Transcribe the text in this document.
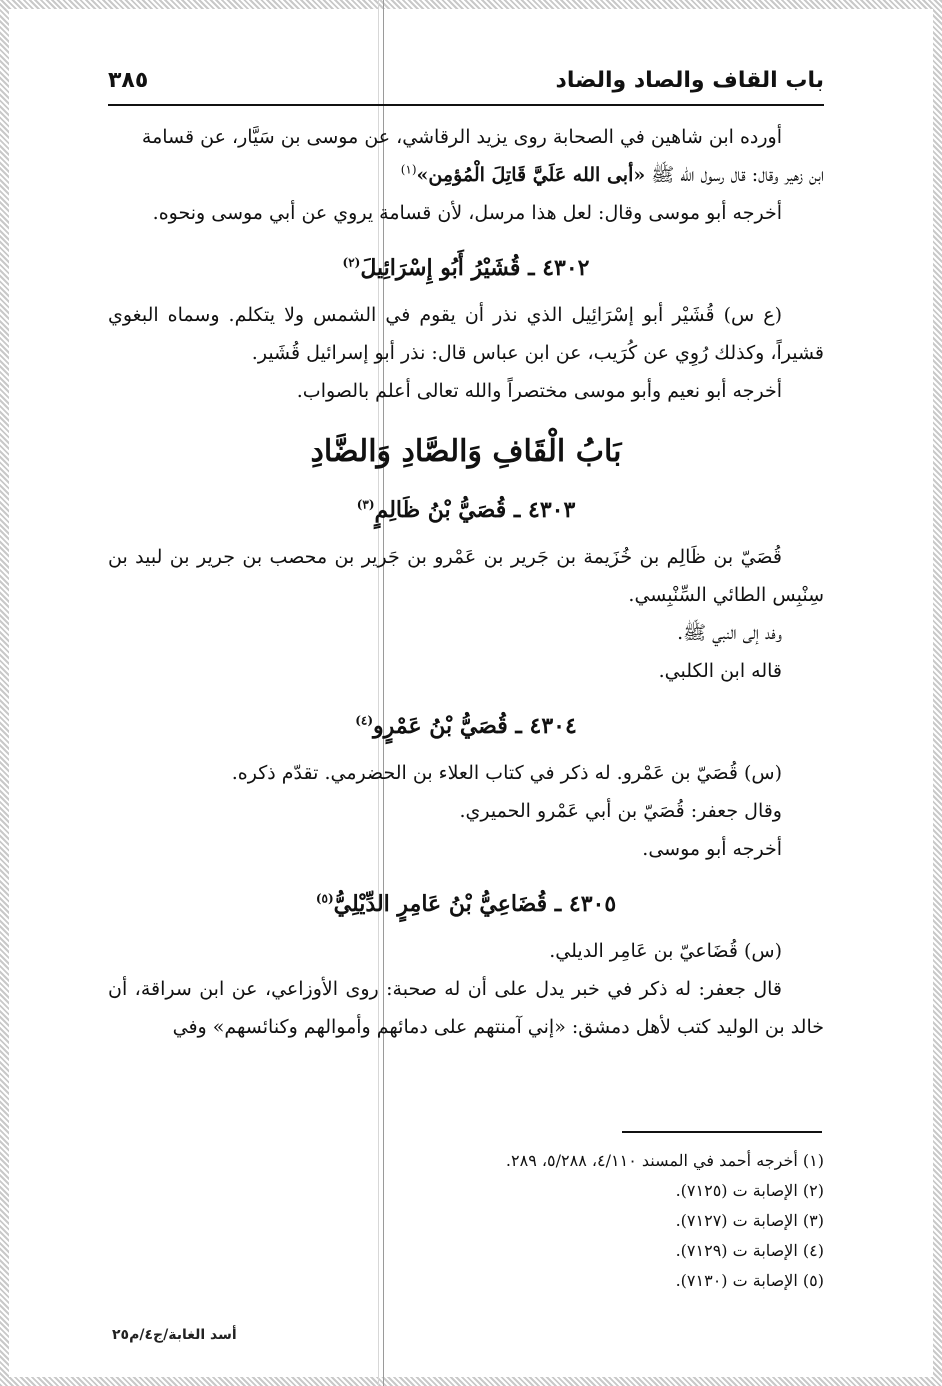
باب القاف والصاد والضاد
٣٨٥

أورده ابن شاهين في الصحابة روى يزيد الرقاشي، عن موسى بن سَيَّار، عن قسامة

ابن زهير وقال: قال رسول الله ﷺ «أبى الله عَلَيَّ قَاتِلَ الْمُؤمِن»$^{(١)}$

أخرجه أبو موسى وقال: لعل هذا مرسل، لأن قسامة يروي عن أبي موسى ونحوه.

٤٣٠٢ ـ قُشَيْرُ أَبُو إِسْرَائِيلَ$^{(٢)}$

(ع س) قُشَيْر أبو إسْرَائِيل الذي نذر أن يقوم في الشمس ولا يتكلم. وسماه البغوي قشيراً، وكذلك رُوِي عن كُرَيب، عن ابن عباس قال: نذر أبو إسرائيل قُشَير.

أخرجه أبو نعيم وأبو موسى مختصراً والله تعالى أعلم بالصواب.

بَابُ الْقَافِ وَالصَّادِ وَالضَّادِ
٤٣٠٣ ـ قُصَيُّ بْنُ ظَالِمٍ$^{(٣)}$

قُصَيّ بن ظَالِم بن خُزَيمة بن جَرير بن عَمْرو بن جَرير بن محصب بن جرير بن لبيد بن سِنْبِس الطائي السِّنْبِسي.

وفد إلى النبي ﷺ.

قاله ابن الكلبي.

٤٣٠٤ ـ قُصَيُّ بْنُ عَمْرٍو$^{(٤)}$

(س) قُصَيّ بن عَمْرو. له ذكر في كتاب العلاء بن الحضرمي. تقدّم ذكره.

وقال جعفر: قُصَيّ بن أبي عَمْرو الحميري.

أخرجه أبو موسى.

٤٣٠٥ ـ قُضَاعِيُّ بْنُ عَامِرٍ الدِّيْلِيُّ$^{(٥)}$

(س) قُضَاعيّ بن عَامِر الديلي.

قال جعفر: له ذكر في خبر يدل على أن له صحبة: روى الأوزاعي، عن ابن سراقة، أن خالد بن الوليد كتب لأهل دمشق: «إني آمنتهم على دمائهم وأموالهم وكنائسهم» وفي

(١) أخرجه أحمد في المسند ٤/١١٠، ٥/٢٨٨، ٢٨٩.

(٢) الإصابة ت (٧١٢٥).

(٣) الإصابة ت (٧١٢٧).

(٤) الإصابة ت (٧١٢٩).

(٥) الإصابة ت (٧١٣٠).

أسد الغابة/ج٤/م٢٥
